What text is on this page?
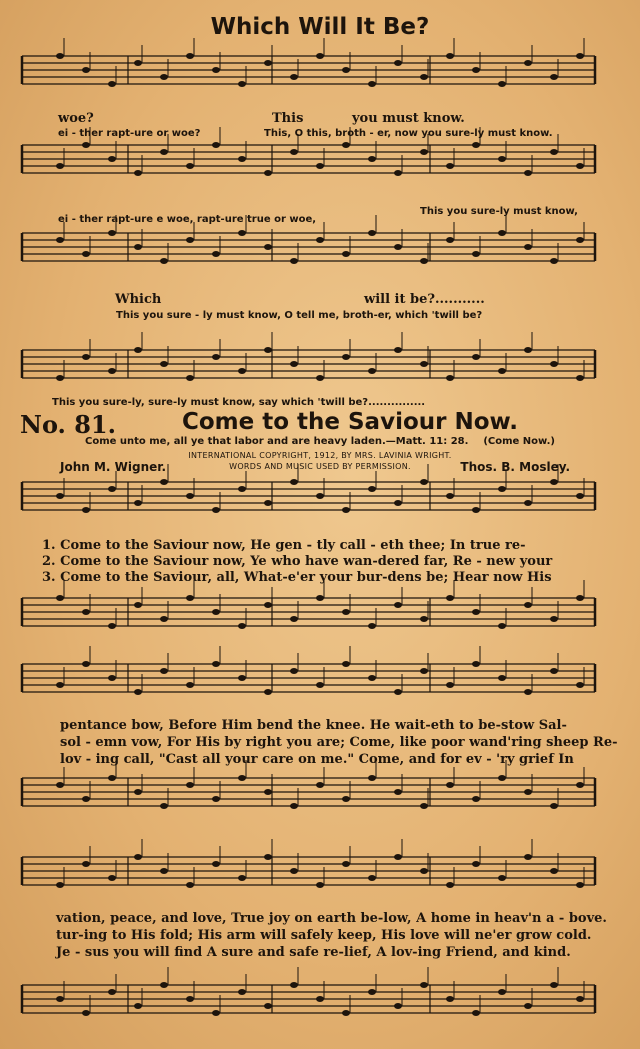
Which Will It Be?
woe?	This	you must know.
ei - ther rapt-ure or woe?	This, O this, broth - er, now you sure-ly must know.
ei - ther rapt-ure e woe, rapt-ure true or woe,
This you sure-ly must know,
Which	will it be?...........
This you sure - ly must know, O tell me, broth-er, which 'twill be?
This you sure-ly, sure-ly must know, say which 'twill be?...............
No. 81.	Come to the Saviour Now.
Come unto me, all ye that labor and are heavy laden.—Matt. 11: 28. (Come Now.)
INTERNATIONAL COPYRIGHT, 1912, BY MRS. LAVINIA WRIGHT.
WORDS AND MUSIC USED BY PERMISSION.
John M. Wigner.	Thos. B. Mosley.
1. Come to the Saviour now, He gen - tly call - eth thee; In true re-
2. Come to the Saviour now, Ye who have wan-dered far, Re - new your
3. Come to the Saviour, all, What-e'er your bur-dens be; Hear now His
pentance bow, Before Him bend the knee. He wait-eth to be-stow Sal-
sol - emn vow, For His by right you are; Come, like poor wand'ring sheep Re-
lov - ing call, "Cast all your care on me." Come, and for ev - 'ry grief In
vation, peace, and love, True joy on earth be-low, A home in heav'n a - bove.
tur-ing to His fold; His arm will safely keep, His love will ne'er grow cold.
Je - sus you will find A sure and safe re-lief, A lov-ing Friend, and kind.
